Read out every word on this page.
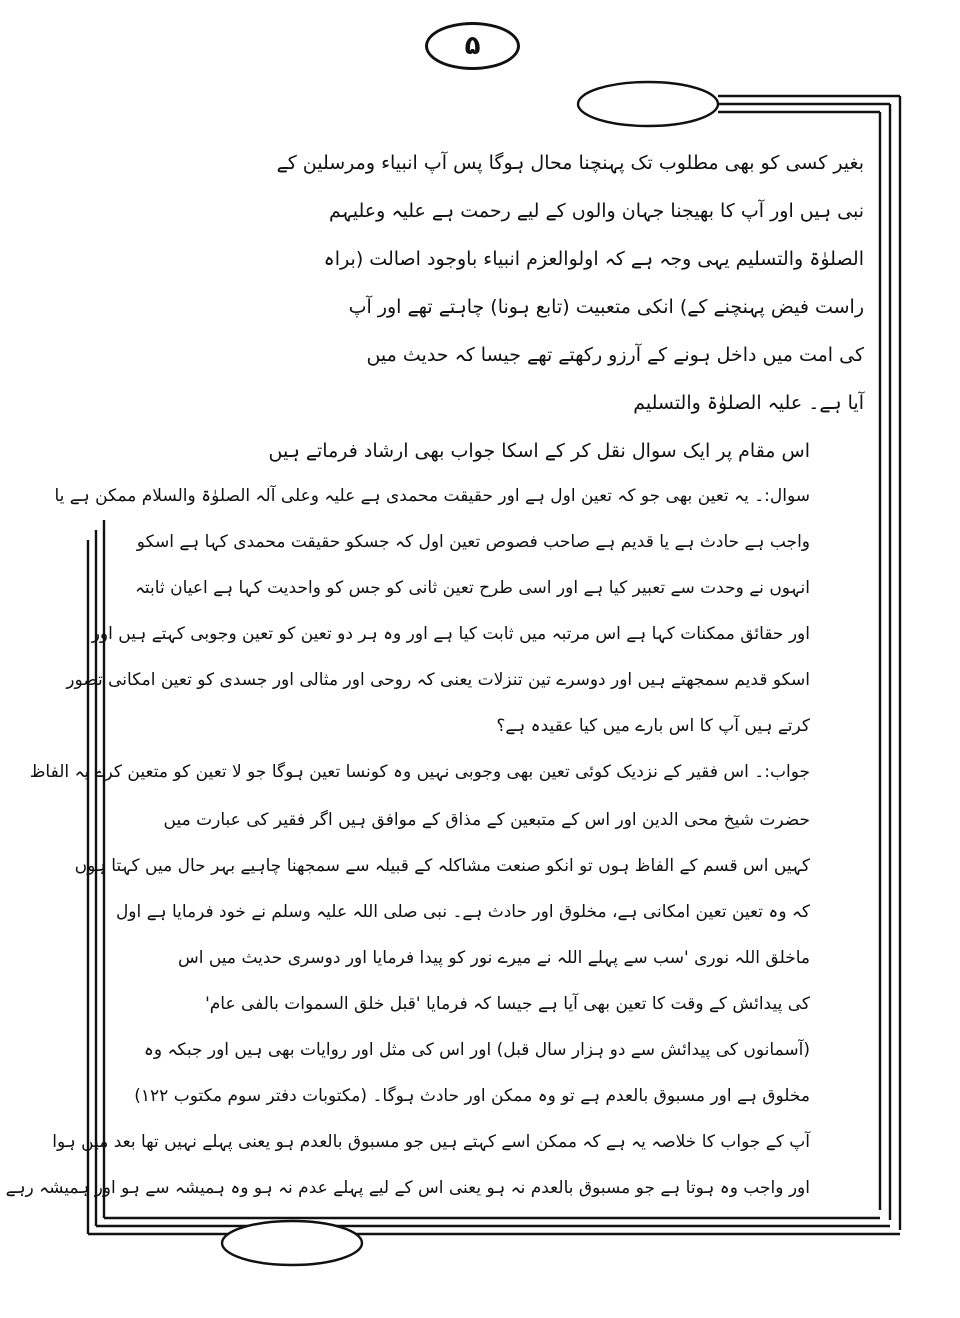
۵
بغیر کسی کو بھی مطلوب تک پہنچنا محال ہوگا پس آپ انبیاء ومرسلین کے
نبی ہیں اور آپ کا بھیجنا جہان والوں کے لیے رحمت ہے علیہ وعلیہم
الصلوٰۃ والتسلیم یہی وجہ ہے کہ اولوالعزم انبیاء باوجود اصالت (براہ
راست فیض پہنچنے کے) انکی متعبیت (تابع ہونا) چاہتے تھے اور آپ
کی امت میں داخل ہونے کے آرزو رکھتے تھے جیسا کہ حدیث میں
آیا ہے۔ علیہ الصلوٰۃ والتسلیم
اس مقام پر ایک سوال نقل کر کے اسکا جواب بھی ارشاد فرماتے ہیں
سوال:۔ یہ تعین بھی جو کہ تعین اول ہے اور حقیقت محمدی ہے علیہ وعلی آلہ الصلوٰۃ والسلام ممکن ہے یا
واجب ہے حادث ہے یا قدیم ہے صاحب فصوص تعین اول کہ جسکو حقیقت محمدی کہا ہے اسکو
انہوں نے وحدت سے تعبیر کیا ہے اور اسی طرح تعین ثانی کو جس کو واحدیت کہا ہے اعیان ثابتہ
اور حقائق ممکنات کہا ہے اس مرتبہ میں ثابت کیا ہے اور وہ ہر دو تعین کو تعین وجوبی کہتے ہیں اور
اسکو قدیم سمجھتے ہیں اور دوسرے تین تنزلات یعنی کہ روحی اور مثالی اور جسدی کو تعین امکانی تصور
کرتے ہیں آپ کا اس بارے میں کیا عقیدہ ہے؟
جواب:۔ اس فقیر کے نزدیک کوئی تعین بھی وجوبی نہیں وہ کونسا تعین ہوگا جو لا تعین کو متعین کرے یہ الفاظ
حضرت شیخ محی الدین اور اس کے متبعین کے مذاق کے موافق ہیں اگر فقیر کی عبارت میں
کہیں اس قسم کے الفاظ ہوں تو انکو صنعت مشاکلہ کے قبیلہ سے سمجھنا چاہیے بہر حال میں کہتا ہوں
کہ وہ تعین تعین امکانی ہے، مخلوق اور حادث ہے۔ نبی صلی اللہ علیہ وسلم نے خود فرمایا ہے اول
ماخلق اللہ نوری 'سب سے پہلے اللہ نے میرے نور کو پیدا فرمایا اور دوسری حدیث میں اس
کی پیدائش کے وقت کا تعین بھی آیا ہے جیسا کہ فرمایا 'قبل خلق السموات بالفی عام'
(آسمانوں کی پیدائش سے دو ہزار سال قبل) اور اس کی مثل اور روایات بھی ہیں اور جبکہ وہ
مخلوق ہے اور مسبوق بالعدم ہے تو وہ ممکن اور حادث ہوگا۔ (مکتوبات دفتر سوم مکتوب ۱۲۲)
آپ کے جواب کا خلاصہ یہ ہے کہ ممکن اسے کہتے ہیں جو مسبوق بالعدم ہو یعنی پہلے نہیں تھا بعد میں ہوا
اور واجب وہ ہوتا ہے جو مسبوق بالعدم نہ ہو یعنی اس کے لیے پہلے عدم نہ ہو وہ ہمیشہ سے ہو اور ہمیشہ رہے
